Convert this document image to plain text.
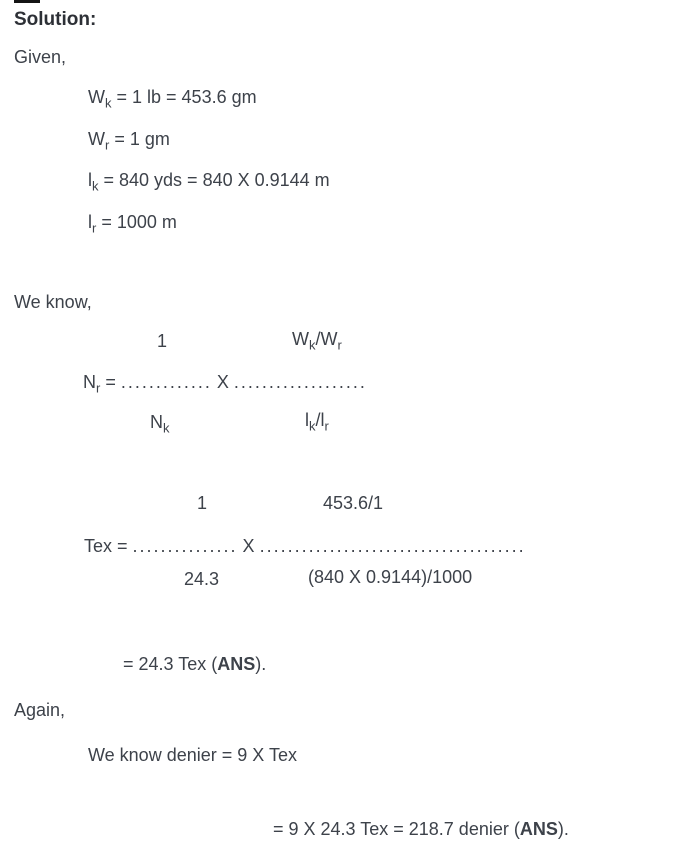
Solution:
Given,
$W_k = 1$ lb = 453.6 gm
$W_r = 1$ gm
$l_k = 840$ yds = 840 X 0.9144 m
$l_r = 1000$ m
We know,
1	$W_k/W_r$
$N_r$ = ............. X ...................
$N_k$	$l_k/l_r$
1	453.6/1
Tex = ............... X ......................................
24.3	(840 X 0.9144)/1000
= 24.3 Tex (ANS).
Again,
We know denier = 9 X Tex
= 9 X 24.3 Tex = 218.7 denier (ANS).
